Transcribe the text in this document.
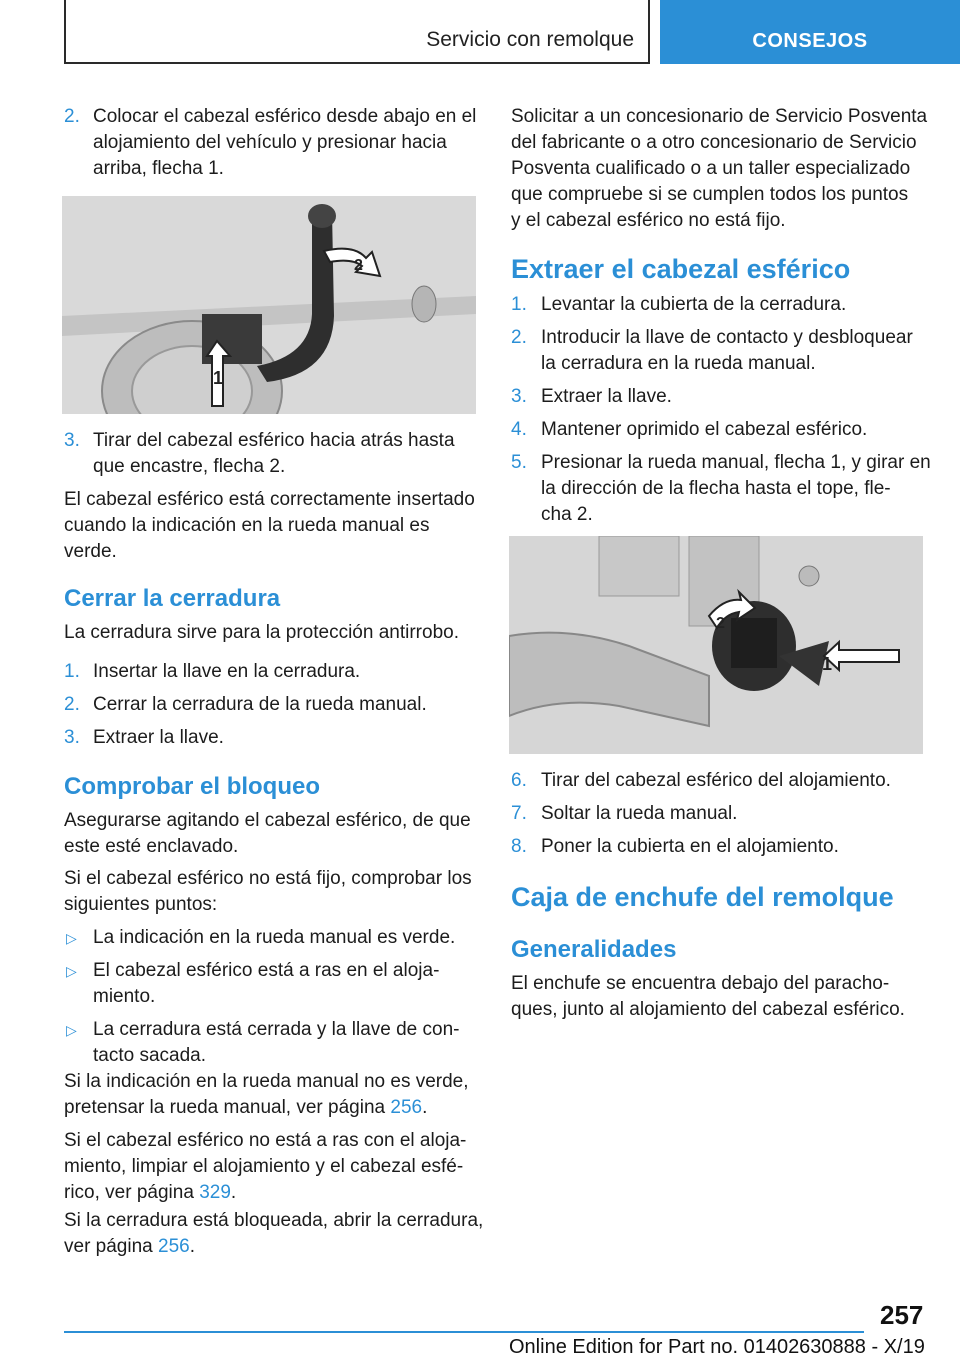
Servicio con remolque	CONSEJOS
2. Colocar el cabezal esférico desde abajo en el
alojamiento del vehículo y presionar hacia
arriba, flecha 1.
1
2
3. Tirar del cabezal esférico hacia atrás hasta
que encastre, flecha 2.
El cabezal esférico está correctamente insertado
cuando la indicación en la rueda manual es
verde.
Cerrar la cerradura
La cerradura sirve para la protección antirrobo.
1. Insertar la llave en la cerradura.
2. Cerrar la cerradura de la rueda manual.
3. Extraer la llave.
Comprobar el bloqueo
Asegurarse agitando el cabezal esférico, de que
este esté enclavado.
Si el cabezal esférico no está fijo, comprobar los
siguientes puntos:
▷ La indicación en la rueda manual es verde.
▷ El cabezal esférico está a ras en el aloja‐
miento.
▷ La cerradura está cerrada y la llave de con‐
tacto sacada.
Si la indicación en la rueda manual no es verde,
pretensar la rueda manual, ver página 256.
Si el cabezal esférico no está a ras con el aloja‐
miento, limpiar el alojamiento y el cabezal esfé‐
rico, ver página 329.
Si la cerradura está bloqueada, abrir la cerradura,
ver página 256.
Solicitar a un concesionario de Servicio Posventa
del fabricante o a otro concesionario de Servicio
Posventa cualificado o a un taller especializado
que compruebe si se cumplen todos los puntos
y el cabezal esférico no está fijo.
Extraer el cabezal esférico
1. Levantar la cubierta de la cerradura.
2. Introducir la llave de contacto y desbloquear
la cerradura en la rueda manual.
3. Extraer la llave.
4. Mantener oprimido el cabezal esférico.
5. Presionar la rueda manual, flecha 1, y girar en
la dirección de la flecha hasta el tope, fle‐
cha 2.
1
2
6. Tirar del cabezal esférico del alojamiento.
7. Soltar la rueda manual.
8. Poner la cubierta en el alojamiento.
Caja de enchufe del remolque
Generalidades
El enchufe se encuentra debajo del paracho‐
ques, junto al alojamiento del cabezal esférico.
257
Online Edition for Part no. 01402630888 - X/19
